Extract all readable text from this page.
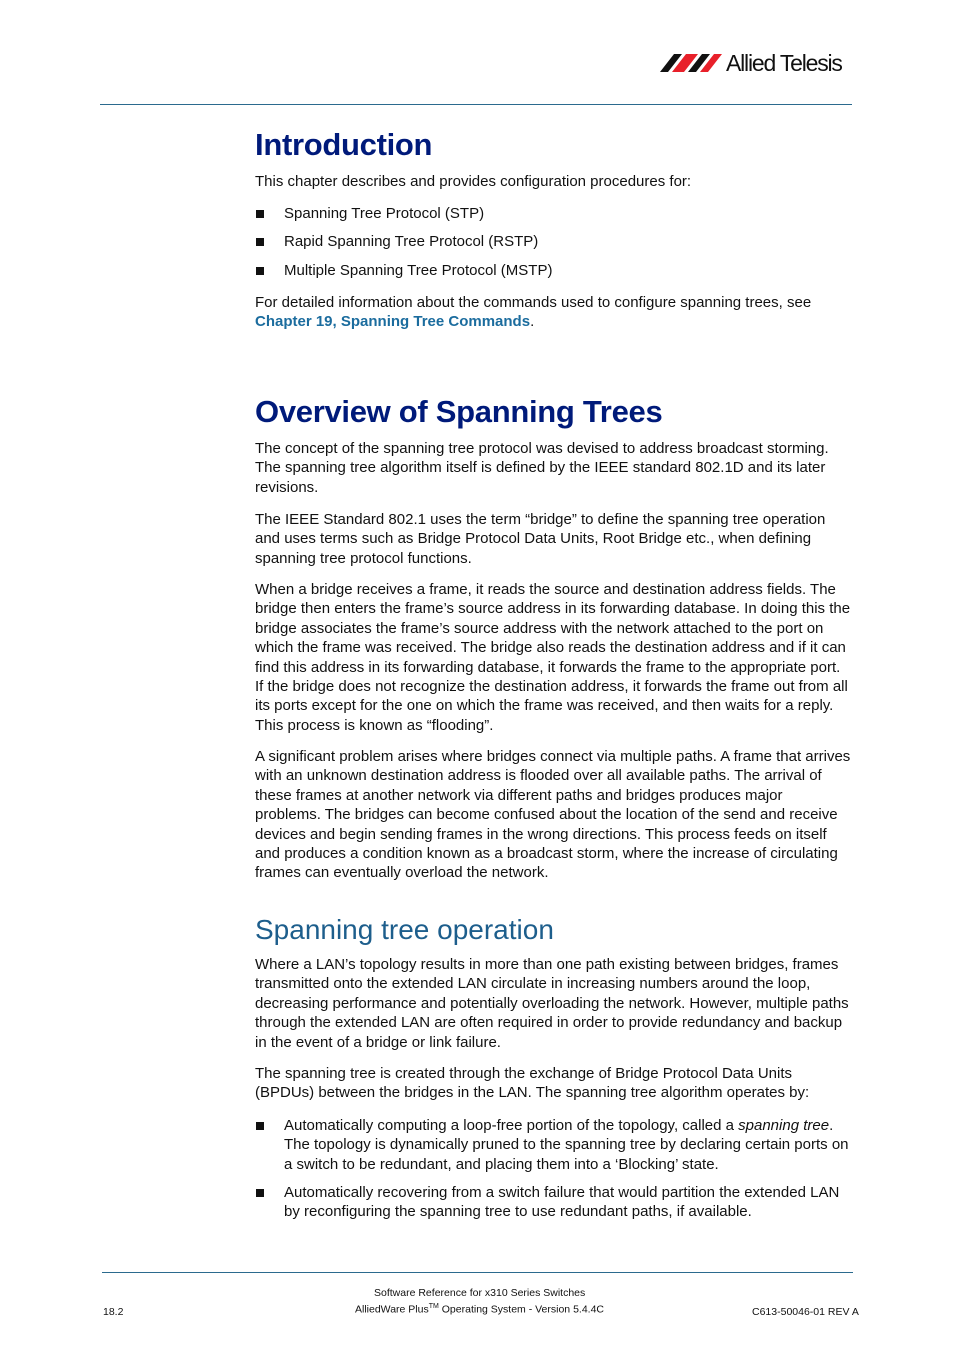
Allied Telesis
Introduction

This chapter describes and provides configuration procedures for:

Spanning Tree Protocol (STP)
Rapid Spanning Tree Protocol (RSTP)
Multiple Spanning Tree Protocol (MSTP)

For detailed information about the commands used to configure spanning trees, see Chapter 19, Spanning Tree Commands.

Overview of Spanning Trees

The concept of the spanning tree protocol was devised to address broadcast storming. The spanning tree algorithm itself is defined by the IEEE standard 802.1D and its later revisions.

The IEEE Standard 802.1 uses the term “bridge” to define the spanning tree operation and uses terms such as Bridge Protocol Data Units, Root Bridge etc., when defining spanning tree protocol functions.

When a bridge receives a frame, it reads the source and destination address fields. The bridge then enters the frame’s source address in its forwarding database. In doing this the bridge associates the frame’s source address with the network attached to the port on which the frame was received. The bridge also reads the destination address and if it can find this address in its forwarding database, it forwards the frame to the appropriate port. If the bridge does not recognize the destination address, it forwards the frame out from all its ports except for the one on which the frame was received, and then waits for a reply. This process is known as “flooding”.

A significant problem arises where bridges connect via multiple paths. A frame that arrives with an unknown destination address is flooded over all available paths. The arrival of these frames at another network via different paths and bridges produces major problems. The bridges can become confused about the location of the send and receive devices and begin sending frames in the wrong directions. This process feeds on itself and produces a condition known as a broadcast storm, where the increase of circulating frames can eventually overload the network.

Spanning tree operation

Where a LAN’s topology results in more than one path existing between bridges, frames transmitted onto the extended LAN circulate in increasing numbers around the loop, decreasing performance and potentially overloading the network. However, multiple paths through the extended LAN are often required in order to provide redundancy and backup in the event of a bridge or link failure.

The spanning tree is created through the exchange of Bridge Protocol Data Units (BPDUs) between the bridges in the LAN. The spanning tree algorithm operates by:

Automatically computing a loop-free portion of the topology, called a spanning tree. The topology is dynamically pruned to the spanning tree by declaring certain ports on a switch to be redundant, and placing them into a ‘Blocking’ state.
Automatically recovering from a switch failure that would partition the extended LAN by reconfiguring the spanning tree to use redundant paths, if available.
Software Reference for x310 Series Switches
18.2	AlliedWare Plus™ Operating System - Version 5.4.4C	C613-50046-01 REV A
